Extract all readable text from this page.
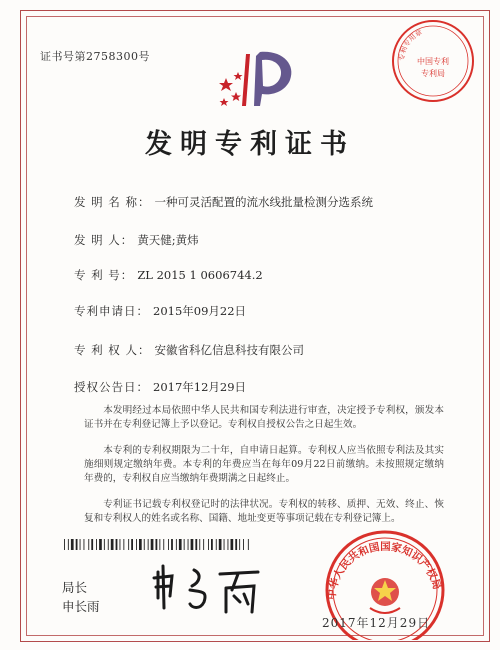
证书号第2758300号	专利专用章
中国专利
专利局
发明专利证书
发 明 名 称： 一种可灵活配置的流水线批量检测分选系统
发 明 人： 黄天健;黄炜
专 利 号： ZL 2015 1 0606744.2
专利申请日： 2015年09月22日
专 利 权 人： 安徽省科亿信息科技有限公司
授权公告日： 2017年12月29日

本发明经过本局依照中华人民共和国专利法进行审查，决定授予专利权，颁发本证书并在专利登记簿上予以登记。专利权自授权公告之日起生效。

本专利的专利权期限为二十年，自申请日起算。专利权人应当依照专利法及其实施细则规定缴纳年费。本专利的年费应当在每年09月22日前缴纳。未按照规定缴纳年费的，专利权自应当缴纳年费期满之日起终止。

专利证书记载专利权登记时的法律状况。专利权的转移、质押、无效、终止、恢复和专利权人的姓名或名称、国籍、地址变更等事项记载在专利登记簿上。

局长
申长雨
中华人民共和国国家知识产权局
2017年12月29日
